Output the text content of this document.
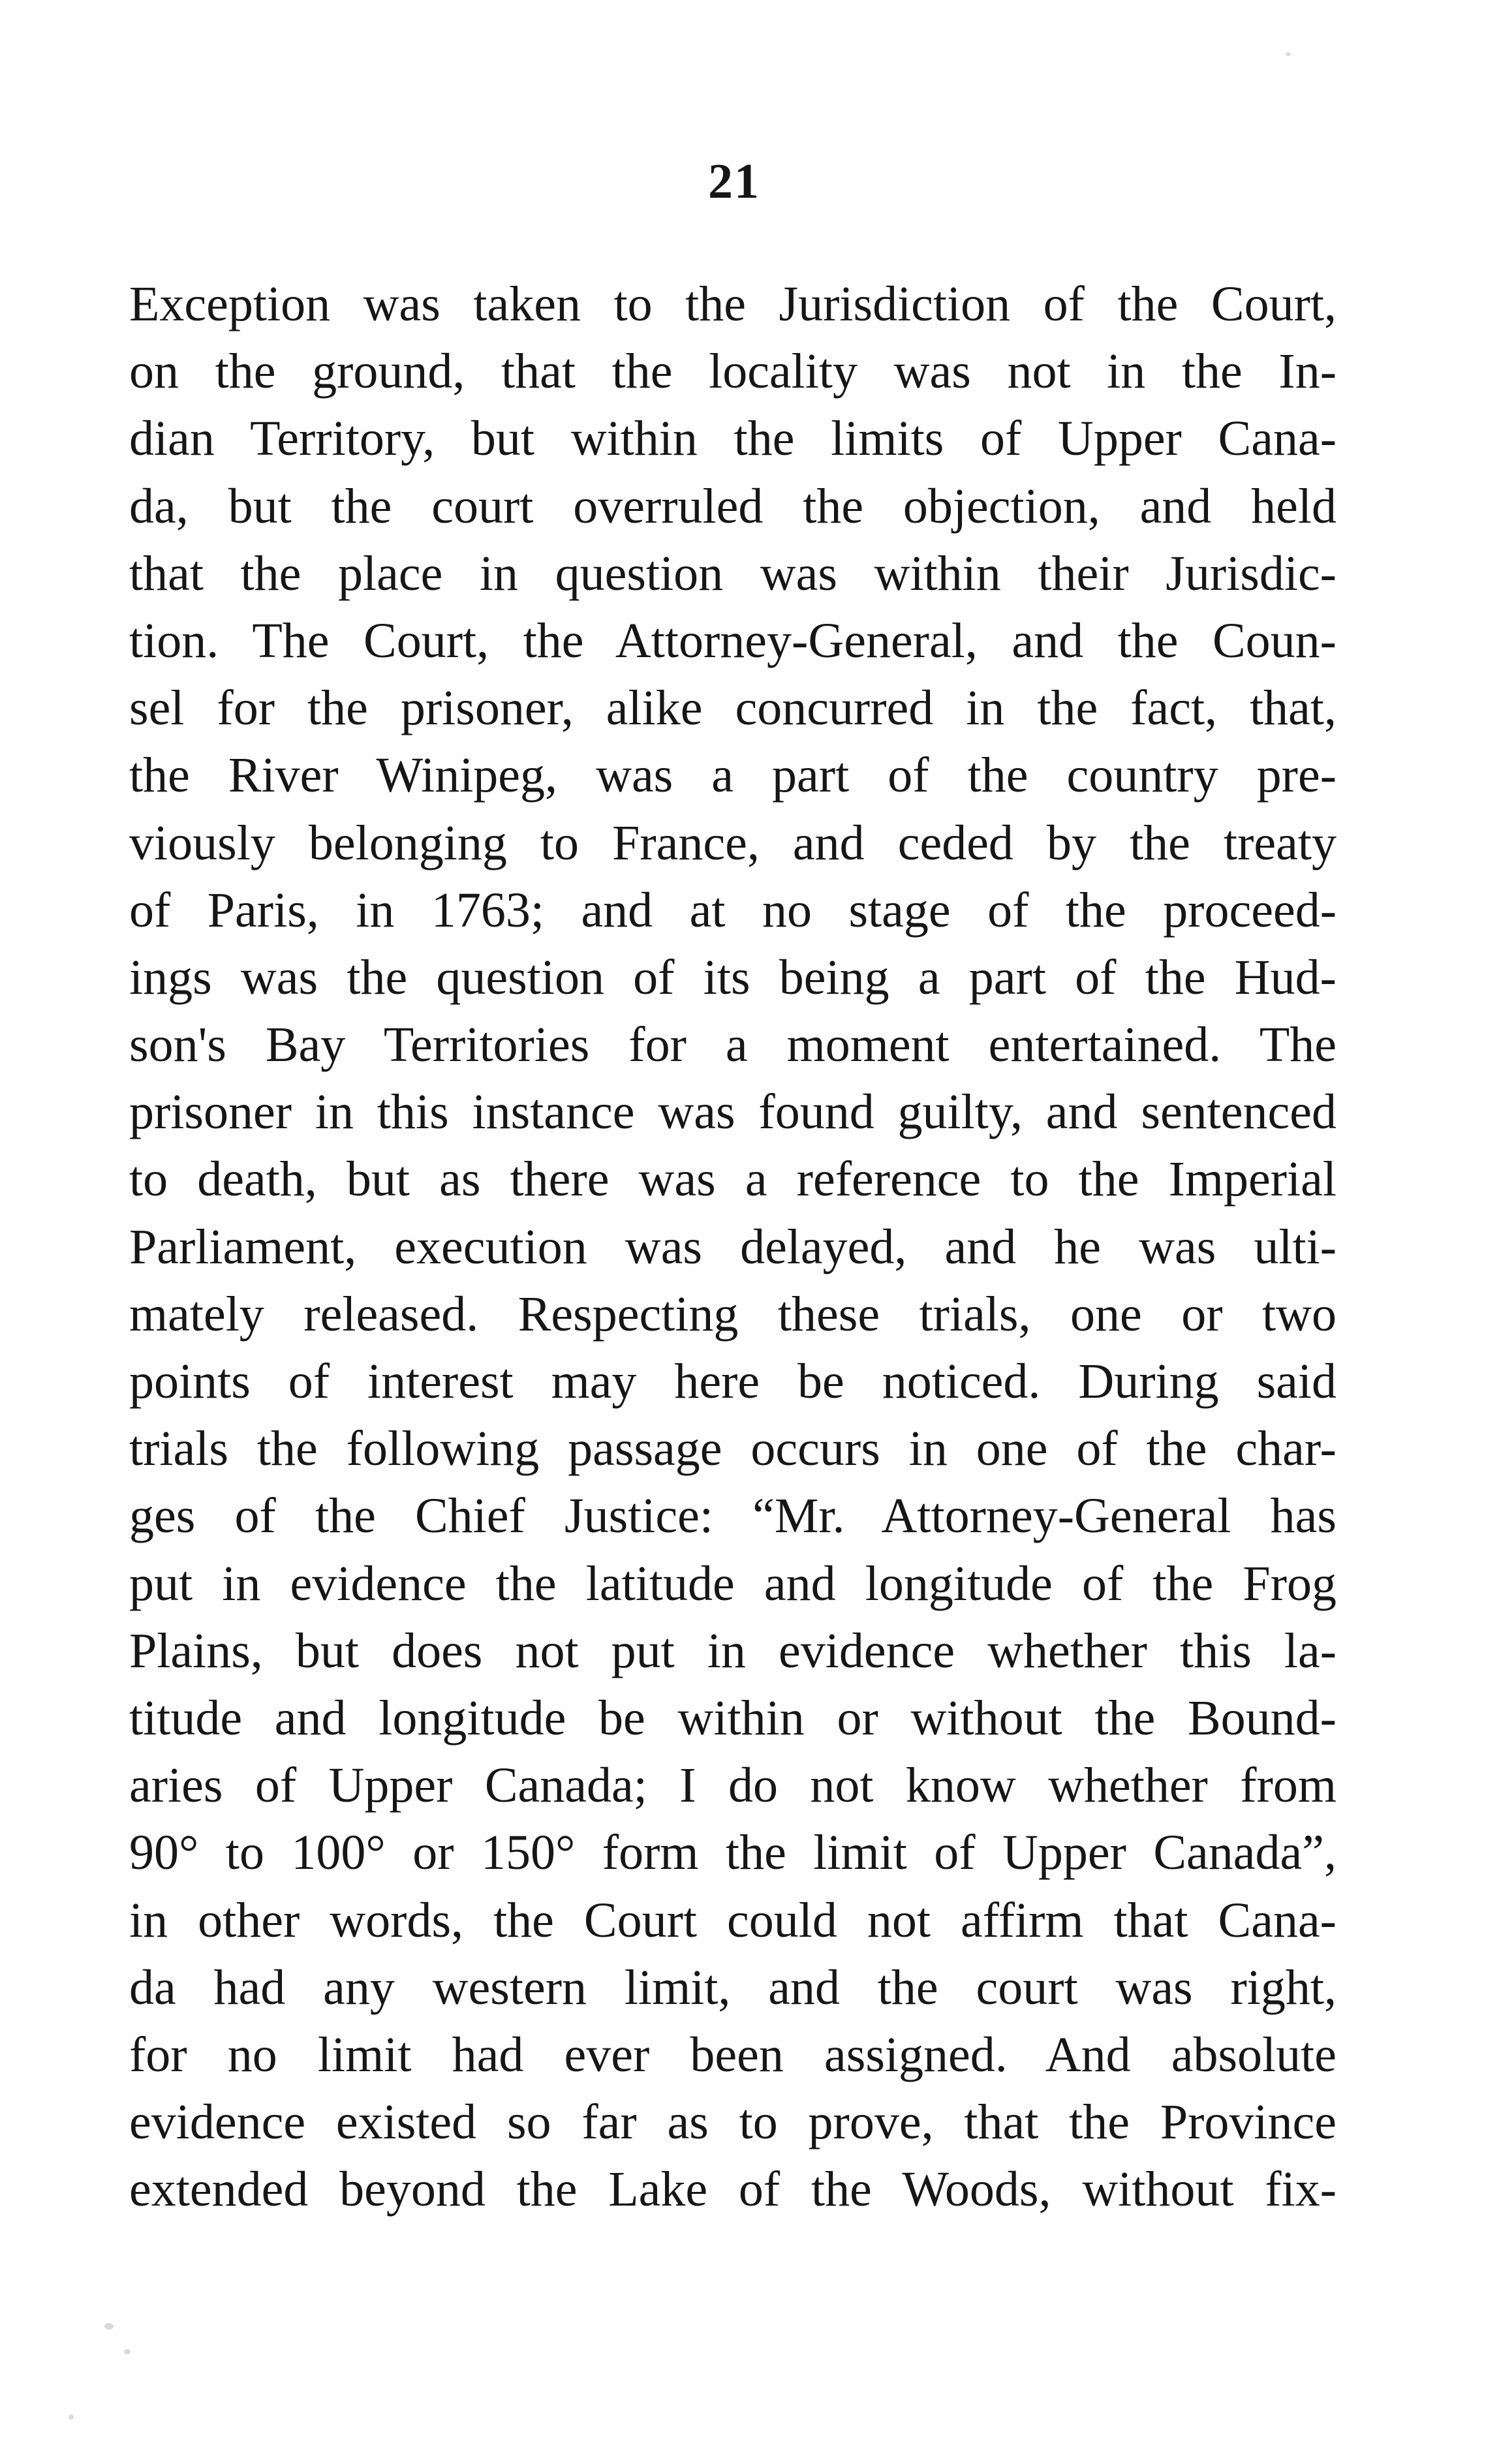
21
Exception was taken to the Jurisdiction of the Court,
on the ground, that the locality was not in the In-
dian Territory, but within the limits of Upper Cana-
da, but the court overruled the objection, and held
that the place in question was within their Jurisdic-
tion. The Court, the Attorney-General, and the Coun-
sel for the prisoner, alike concurred in the fact, that,
the River Winipeg, was a part of the country pre-
viously belonging to France, and ceded by the treaty
of Paris, in 1763; and at no stage of the proceed-
ings was the question of its being a part of the Hud-
son's Bay Territories for a moment entertained. The
prisoner in this instance was found guilty, and sentenced
to death, but as there was a reference to the Imperial
Parliament, execution was delayed, and he was ulti-
mately released. Respecting these trials, one or two
points of interest may here be noticed. During said
trials the following passage occurs in one of the char-
ges of the Chief Justice: “Mr. Attorney-General has
put in evidence the latitude and longitude of the Frog
Plains, but does not put in evidence whether this la-
titude and longitude be within or without the Bound-
aries of Upper Canada; I do not know whether from
90° to 100° or 150° form the limit of Upper Canada”,
in other words, the Court could not affirm that Cana-
da had any western limit, and the court was right,
for no limit had ever been assigned. And absolute
evidence existed so far as to prove, that the Province
extended beyond the Lake of the Woods, without fix-
